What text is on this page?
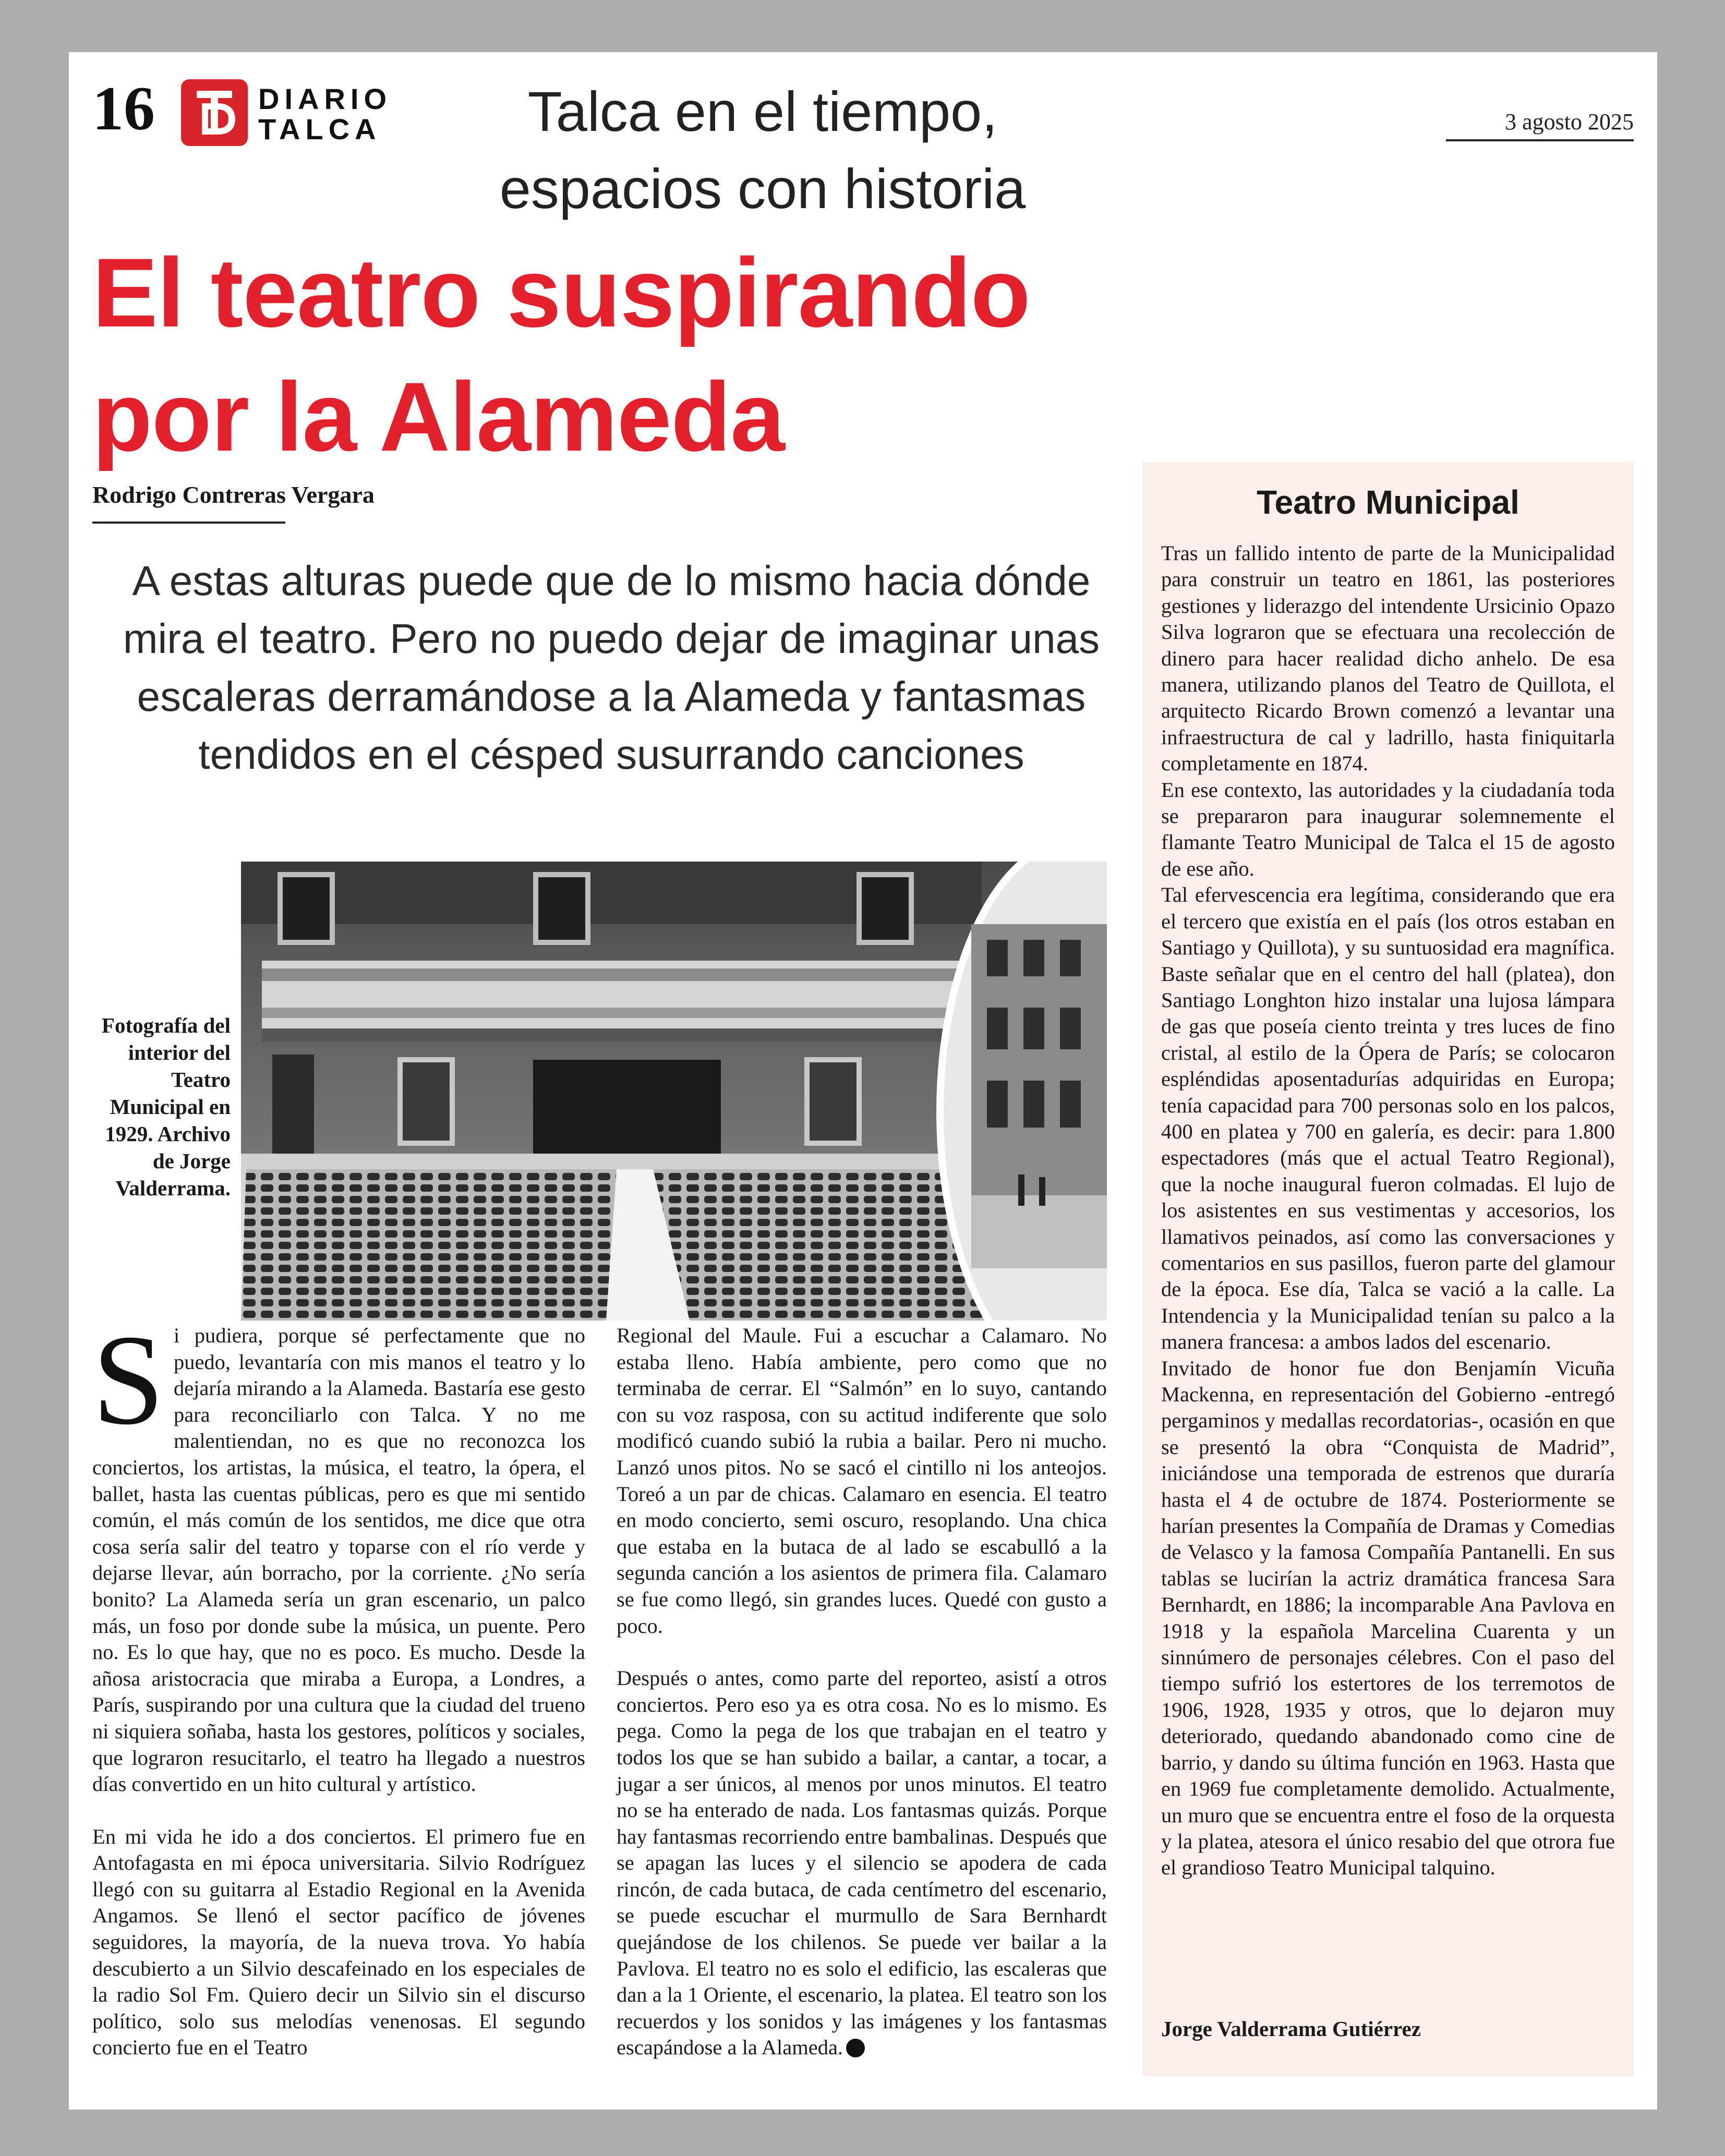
16	DIARIO
TALCA	Talca en el tiempo, espacios con historia
3 agosto 2025
El teatro suspirando por la Alameda
Rodrigo Contreras Vergara
A estas alturas puede que de lo mismo hacia dónde mira el teatro. Pero no puedo dejar de imaginar unas escaleras derramándose a la Alameda y fantasmas tendidos en el césped susurrando canciones
Fotografía del interior del Teatro Municipal en 1929. Archivo de Jorge Valderrama.

Si pudiera, porque sé perfectamente que no puedo, levantaría con mis manos el teatro y lo dejaría mirando a la Alameda. Bastaría ese gesto para reconciliarlo con Talca. Y no me malentiendan, no es que no reconozca los conciertos, los artistas, la música, el teatro, la ópera, el ballet, hasta las cuentas públicas, pero es que mi sentido común, el más común de los sentidos, me dice que otra cosa sería salir del teatro y toparse con el río verde y dejarse llevar, aún borracho, por la corriente. ¿No sería bonito? La Alameda sería un gran escenario, un palco más, un foso por donde sube la música, un puente. Pero no. Es lo que hay, que no es poco. Es mucho. Desde la añosa aristocracia que miraba a Europa, a Londres, a París, suspirando por una cultura que la ciudad del trueno ni siquiera soñaba, hasta los gestores, políticos y sociales, que lograron resucitarlo, el teatro ha llegado a nuestros días convertido en un hito cultural y artístico.

En mi vida he ido a dos conciertos. El primero fue en Antofagasta en mi época universitaria. Silvio Rodríguez llegó con su guitarra al Estadio Regional en la Avenida Angamos. Se llenó el sector pacífico de jóvenes seguidores, la mayoría, de la nueva trova. Yo había descubierto a un Silvio descafeinado en los especiales de la radio Sol Fm. Quiero decir un Silvio sin el discurso político, solo sus melodías venenosas. El segundo concierto fue en el Teatro

Regional del Maule. Fui a escuchar a Calamaro. No estaba lleno. Había ambiente, pero como que no terminaba de cerrar. El “Salmón” en lo suyo, cantando con su voz rasposa, con su actitud indiferente que solo modificó cuando subió la rubia a bailar. Pero ni mucho. Lanzó unos pitos. No se sacó el cintillo ni los anteojos. Toreó a un par de chicas. Calamaro en esencia. El teatro en modo concierto, semi oscuro, resoplando. Una chica que estaba en la butaca de al lado se escabulló a la segunda canción a los asientos de primera fila. Calamaro se fue como llegó, sin grandes luces. Quedé con gusto a poco.

Después o antes, como parte del reporteo, asistí a otros conciertos. Pero eso ya es otra cosa. No es lo mismo. Es pega. Como la pega de los que trabajan en el teatro y todos los que se han subido a bailar, a cantar, a tocar, a jugar a ser únicos, al menos por unos minutos. El teatro no se ha enterado de nada. Los fantasmas quizás. Porque hay fantasmas recorriendo entre bambalinas. Después que se apagan las luces y el silencio se apodera de cada rincón, de cada butaca, de cada centímetro del escenario, se puede escuchar el murmullo de Sara Bernhardt quejándose de los chilenos. Se puede ver bailar a la Pavlova. El teatro no es solo el edificio, las escaleras que dan a la 1 Oriente, el escenario, la platea. El teatro son los recuerdos y los sonidos y las imágenes y los fantasmas escapándose a la Alameda.

Teatro Municipal

Tras un fallido intento de parte de la Municipalidad para construir un teatro en 1861, las posteriores gestiones y liderazgo del intendente Ursicinio Opazo Silva lograron que se efectuara una recolección de dinero para hacer realidad dicho anhelo. De esa manera, utilizando planos del Teatro de Quillota, el arquitecto Ricardo Brown comenzó a levantar una infraestructura de cal y ladrillo, hasta finiquitarla completamente en 1874.

En ese contexto, las autoridades y la ciudadanía toda se prepararon para inaugurar solemnemente el flamante Teatro Municipal de Talca el 15 de agosto de ese año.

Tal efervescencia era legítima, considerando que era el tercero que existía en el país (los otros estaban en Santiago y Quillota), y su suntuosidad era magnífica. Baste señalar que en el centro del hall (platea), don Santiago Longhton hizo instalar una lujosa lámpara de gas que poseía ciento treinta y tres luces de fino cristal, al estilo de la Ópera de París; se colocaron espléndidas aposentadurías adquiridas en Europa; tenía capacidad para 700 personas solo en los palcos, 400 en platea y 700 en galería, es decir: para 1.800 espectadores (más que el actual Teatro Regional), que la noche inaugural fueron colmadas. El lujo de los asistentes en sus vestimentas y accesorios, los llamativos peinados, así como las conversaciones y comentarios en sus pasillos, fueron parte del glamour de la época. Ese día, Talca se vació a la calle. La Intendencia y la Municipalidad tenían su palco a la manera francesa: a ambos lados del escenario.

Invitado de honor fue don Benjamín Vicuña Mackenna, en representación del Gobierno -entregó pergaminos y medallas recordatorias-, ocasión en que se presentó la obra “Conquista de Madrid”, iniciándose una temporada de estrenos que duraría hasta el 4 de octubre de 1874. Posteriormente se harían presentes la Compañía de Dramas y Comedias de Velasco y la famosa Compañía Pantanelli. En sus tablas se lucirían la actriz dramática francesa Sara Bernhardt, en 1886; la incomparable Ana Pavlova en 1918 y la española Marcelina Cuarenta y un sinnúmero de personajes célebres. Con el paso del tiempo sufrió los estertores de los terremotos de 1906, 1928, 1935 y otros, que lo dejaron muy deteriorado, quedando abandonado como cine de barrio, y dando su última función en 1963. Hasta que en 1969 fue completamente demolido. Actualmente, un muro que se encuentra entre el foso de la orquesta y la platea, atesora el único resabio del que otrora fue el grandioso Teatro Municipal talquino.

Jorge Valderrama Gutiérrez
